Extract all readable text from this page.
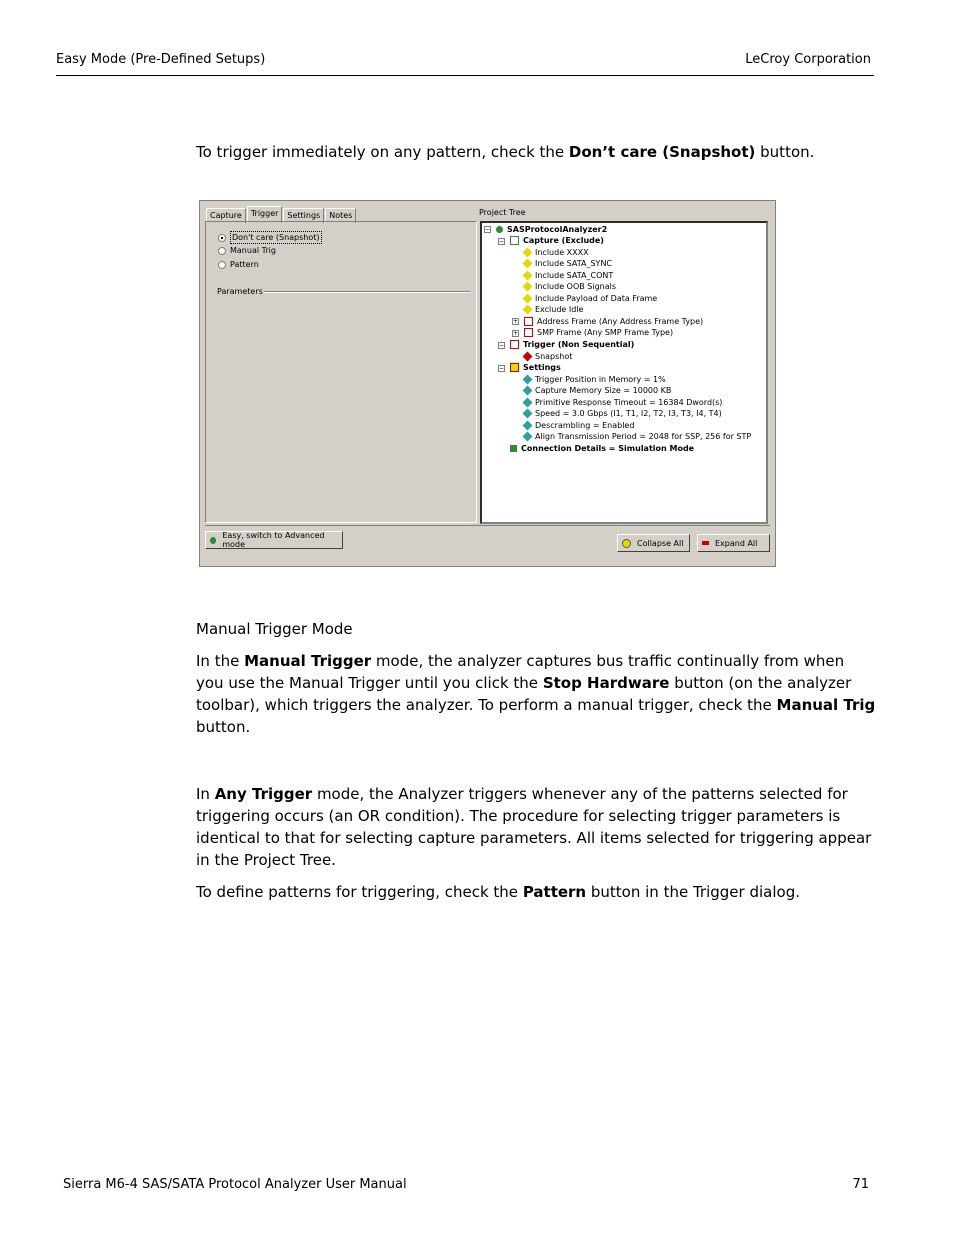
Easy Mode (Pre-Defined Setups)	LeCroy Corporation
To trigger immediately on any pattern, check the Don’t care (Snapshot) button.
Capture	Trigger	Settings	Notes
Don't care (Snapshot)
Manual Trig
Pattern
Parameters
Project Tree
− SASProtocolAnalyzer2
− Capture (Exclude)
Include XXXX
Include SATA_SYNC
Include SATA_CONT
Include OOB Signals
Include Payload of Data Frame
Exclude Idle
+ Address Frame (Any Address Frame Type)
+ SMP Frame (Any SMP Frame Type)
− Trigger (Non Sequential)
Snapshot
− Settings
Trigger Position in Memory = 1%
Capture Memory Size = 10000 KB
Primitive Response Timeout = 16384 Dword(s)
Speed = 3.0 Gbps (I1, T1, I2, T2, I3, T3, I4, T4)
Descrambling = Enabled
Align Transmission Period = 2048 for SSP, 256 for STP
Connection Details = Simulation Mode
Easy, switch to Advanced mode	Collapse All	Expand All
Manual Trigger Mode
In the Manual Trigger mode, the analyzer captures bus traffic continually from when you use the Manual Trigger until you click the Stop Hardware button (on the analyzer toolbar), which triggers the analyzer. To perform a manual trigger, check the Manual Trig button.
In Any Trigger mode, the Analyzer triggers whenever any of the patterns selected for triggering occurs (an OR condition). The procedure for selecting trigger parameters is identical to that for selecting capture parameters. All items selected for triggering appear in the Project Tree.
To define patterns for triggering, check the Pattern button in the Trigger dialog.
Sierra M6-4 SAS/SATA Protocol Analyzer User Manual	71
